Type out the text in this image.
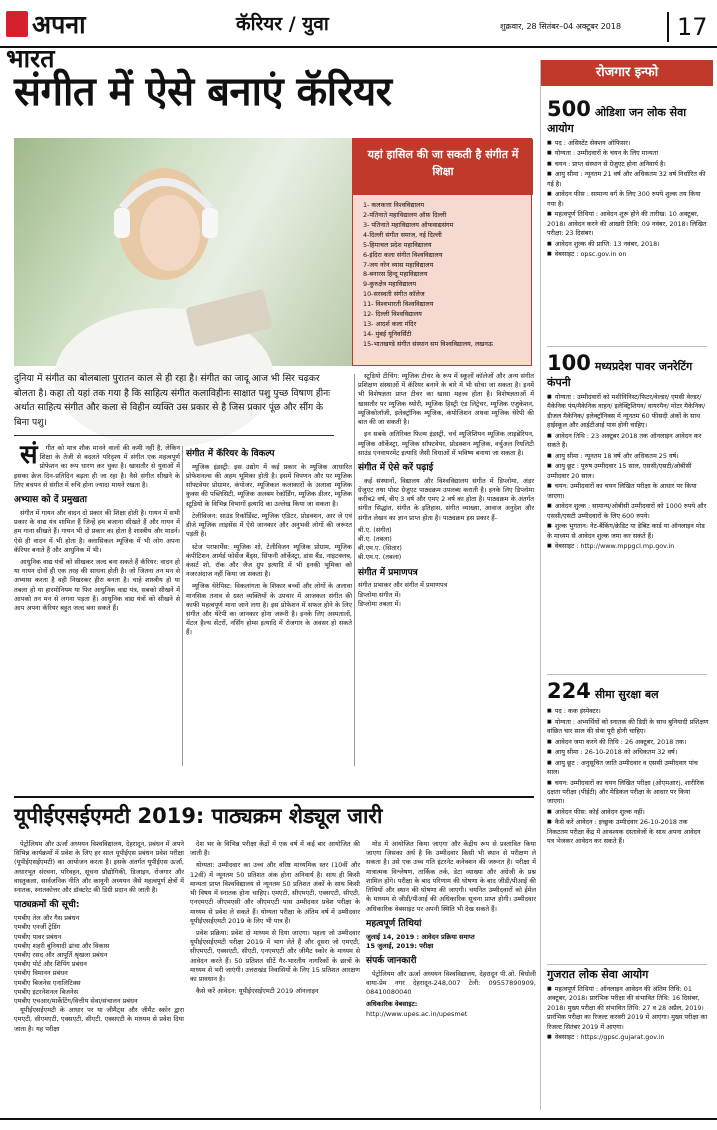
अपना भारत
कॅरियर / युवा	शुक्रवार, 28 सितंबर–04 अक्टूबर 2018	17
संगीत में ऐसे बनाएं कॅरियर
यहां हासिल की जा सकती है संगीत में शिक्षा
1- कलकत्ता विश्वविद्यालय
2-पंतिनाते महाविद्यालय ऑफ़ दिल्ली
3- पंतिनाते महाविद्यालय ऑफवाद्यसंगम
4-दिल्ली संगीत समाज, नई दिल्ली
5-हिमाचल प्रदेश महाविद्यालय
6-इंदिरा कला संगीत विश्वविद्यालय
7-जय नरेन व्यास महाविद्यालय
8-बनारस हिन्दू महाविद्यालय
9-कुरुक्षेत्र महाविद्यालय
10-सरस्वती संगीत कॉलेज
11- विश्वभारती विश्वविद्यालय
12- दिल्ली विश्वविद्यालय
13- आदर्श कला मंदिर
14- मुंबई यूनिवर्सिटी
15-भातखण्डे संगीत संस्थान सम विश्वविद्यालय, लखनऊ
दुनिया में संगीत का बोलबाला पुरातन काल से ही रहा है। संगीत का जादू आज भी सिर चढ़कर बोलता है। कहा तो यहां तक गया है कि साहित्य संगीत कलाविहीनः साक्षात पशु पुच्छ विषाण हीनः अर्थात साहित्य संगीत और कला से विहीन व्यक्ति उस प्रकार से है जिस प्रकार पूंछ और सींग के बिना पशु।

सं गीत को मात्र शौक मानने वालों की कमी नहीं है, लेकिन शिक्षा के तेजी से बदलते परिदृश्य में संगीत एक महत्वपूर्ण प्रोफेशन का रूप धारण कर चुका है। खासतौर से युवाओं में इसका क्रेज दिन-प्रतिदिन बढ़ता ही जा रहा है। वैसे संगीत सीखने के लिए बचपन से संगीत में रुचि होना ज्यादा मायने रखता है।

अभ्यास को दें प्रमुखता

संगीत में गायन और वादन दो प्रकार की शिक्षा होती है। गायन में सभी प्रकार के वाद्य यंत्र शामिल हैं जिन्हें हम बजाना सीखते हैं और गायन में हम गाना सीखते हैं। गायन भी दो प्रकार का होता है शास्त्रीय और माडर्न। ऐसे ही वादन में भी होता है। क्लासिकल म्यूजिक में भी लोग अपना कॅरियर बनाते हैं और आधुनिक में भी।

आधुनिक वाद्य यंत्रों को सीखकर जल्द बना सकते हैं कॅरियर: वादन हो या गायन दोनों ही एक तरह की साधना होती है। जो जितना तन मन से अभ्यास करता है वही निखरकर हीरा बनता है। चाहे शास्त्रीय हो या तबला हो या हारमोनियम या फिर आधुनिक वाद्य यंत्र, सबको सीखने में आपको तन मन से लगना पड़ता है। आधुनिक वाद्य यंत्रों को सीखने से आप अपना कॅरियर बहुत जल्द बना सकते हैं।

संगीत में कॅरियर के विकल्प

म्यूजिक इंडस्ट्री: इस उद्योग में कई प्रकार के म्यूजिक आधारित प्रोफेशनल्स की अहम भूमिका होती है। इसमें विपणन और पर म्यूजिक सॉफ्टवेयर प्रोग्रामर, कंपोजर, म्यूजिकल कलाकारों के अलावा म्यूजिक कुक्स की पब्लिसिटी, म्यूजिक अलबम रेकॉर्डिंग, म्यूजिक डीलर, म्यूजिक स्टूडियो के विभिन्न विभागों इत्यादि का उल्लेख किया जा सकता है।

टेलीविजन: साउंड रिकॉर्डिस्ट, म्यूजिक एडिटर, प्रोडक्शन, आर जे एवं डीजे म्यूजिक लाइसेंस में ऐसे जानकार और अनुभवी लोगों की जरूरत पड़ती है।

स्टेज परफार्मेंस: म्यूजिक शो, टेलीविजन म्यूजिक प्रोग्राम, म्यूजिक कंपीटिशन आर्मर्ड फोर्सेज बैंड्स, सिंफनी ऑर्केस्ट्रा, डांस बैंड, नाइटक्लब, कंसर्ट शो, रॉक और जैज ग्रुप इत्यादि में भी इनकी भूमिका को नजरअंदाज नहीं किया जा सकता है।

म्यूजिक थेरेपिस्ट: विकलांगता के शिकार बच्चों और लोगों के अलावा मानसिक तनाव से ग्रस्त व्यक्तियों के उपचार में आजकल संगीत की काफी महत्वपूर्ण माना जाने लगा है। इस प्रोफेशन में सफल होने के लिए संगीत और थेरेपी का जानकार होना जरूरी है। इनके लिए अस्पतालों, मेंटल हैल्थ सेंटरों, नर्सिंग होम्स इत्यादि में रोजगार के अवसर हो सकते हैं।

स्टूडियो टीचिंग: म्यूजिक टीचर के रूप में स्कूलों कॉलेजों और अन्य संगीत प्रशिक्षण संस्थाओं में कॅरियर बनाने के बारे में भी सोचा जा सकता है। इनमें भी विशेषज्ञता प्राप्त टीचर का खासा महत्त्व होता है। विशेषज्ञताओं में खासतौर पर म्यूजिक थ्योरी, म्यूजिक हिस्ट्री एंड लिट्रेचर, म्यूजिक एजुकेशन, म्यूजिकोलॉजी, इलेक्ट्रॉनिक म्यूजिक, कंपोजिशन अथवा म्यूजिक थेरेपी की बात की जा सकती है।

इन सबके अतिरिक्त फिल्म इंडस्ट्री, चर्च म्यूजिशियन म्यूजिक लाइब्रेरियन, म्यूजिक ऑर्केस्ट्रा, म्यूजिक सॉफ्टवेयर, प्रोडक्शन म्यूजिक, वर्चुअल रियलिटी साउंड एनवायरमेंट इत्यादि जैसी विधाओं में भविष्य बनाया जा सकता है।

संगीत में ऐसे करें पढ़ाई

कई संस्थानों, विद्यालय और विश्वविद्यालय संगीत में डिप्लोमा, अंडर ग्रेजुएट तथा पोस्ट ग्रेजुएट पाठ्यक्रम उपलब्ध कराती है। इनके लिए डिप्लोमा करीब2 वर्ष, बीए 3 वर्ष और एमए 2 वर्ष का होता है। पाठ्यक्रम के अंतर्गत संगीत सिद्धांत, संगीत के इतिहास, संगीत व्याख्या, आवाज अनुदेश और संगीत लेखन का ज्ञान प्राप्त होता है। पाठ्यक्रम इस प्रकार हैं-

बी.ए. (संगीत)
बी.ए. (तबला)
बी.एम.ए. (सितार)
बी.एम.ए. (तबला)
संगीत में प्रमाणपत्र
संगीत प्रभाकर और संगीत में प्रमाणपत्र
डिप्लोमा संगीत में।
डिप्लोमा तबला में।
यूपीईएसईएमटी 2019: पाठ्यक्रम शेड्यूल जारी

पेट्रोलियम और ऊर्जा अध्ययन विश्वविद्यालय, देहरादून, प्रबंधन में अपने विभिन्न कार्यक्रमों में प्रवेश के लिए हर साल यूपीईएस प्रबंधन प्रवेश परीक्षा (यूपीईएसईएमटी) का आयोजन करता है। इसके अंतर्गत यूपीईएस ऊर्जा, अधारभूत संरचना, परिवहन, सूचना प्रौद्योगिकी, डिजाइन, रोजगार और वास्तुकला, सार्वजनिक नीति और कानूनी अध्ययन जैसे महत्वपूर्ण क्षेत्रों में स्नातक, स्नातकोत्तर और डॉक्टरेट की डिग्री प्रदान की जाती है।

पाठ्यक्रमों की सूची:
एमबीए तेल और गैस प्रबंधन
एमबीए एनर्जी ट्रेडिंग
एमबीए पावर प्रबंधन
एमबीए शहरी बुनियादी ढांचा और विकास
एमबीए रसद और आपूर्ति श्रृंखला प्रबंधन
एमबीए पोर्ट और शिपिंग प्रबंधन
एमबीए विमानन प्रबंधन
एमबीए बिजनेस एनालिटिक्स
एमबीए इंटरनेशनल बिजनेस
एमबीए एचआर/मार्केटिंग/वित्तीय सेवा/संचालन प्रबंधन

यूपीईएसईएमटी के आधार पर या जीमैट्स और जीमैट स्कोर द्वारा एमएटी, सीएमएटी, एक्सएटी, सीएटी, एक्सएटी के माध्यम से प्रवेश दिया जाता है। यह परीक्षा

देश भर के विभिन्न परीक्षा केंद्रों में एक वर्ष में कई बार आयोजित की जाती है।

योग्यता: उम्मीदवार का उच्च और वरिष्ठ माध्यमिक स्तर (10वीं और 12वीं) में न्यूनतम 50 प्रतिशत अंक होना अनिवार्य है। साथ ही किसी मान्यता प्राप्त विश्वविद्यालय से न्यूनतम 50 प्रतिशत अंकों के साथ किसी भी विषय में स्नातक होना चाहिए। एमएटी, सीएमएटी, एक्सएटी, सीएटी, एनएमएटी जीएमएसी और जीएमएटी पास उम्मीदवार प्रवेश परीक्षा के माध्यम से प्रवेश ले सकते हैं। योग्यता परीक्षा के अंतिम वर्ष में उम्मीदवार यूपीईएसईएमटी 2019 के लिए भी पात्र हैं।

प्रवेश प्रक्रिया: प्रवेश दो माध्यम से दिया जाएगा। पहला जो उम्मीदवार यूपीईएसईएमटी परीक्षा 2019 में भाग लेते हैं और दूसरा जो एमएटी, सीएमएटी, एक्सएटी, सीएटी, एनएमएटी और जीमैट स्कोर के माध्यम से आवेदन करते हैं। 50 प्रतिशत सीटें गैर-भारतीय नागरिकों के छात्रों के माध्यम से भरी जाएंगी। उत्तराखंड निवासियों के लिए 15 प्रतिशत आरक्षण का प्रावधान है।

कैसे करें आवेदन: यूपीईएसईएमटी 2019 ऑनलाइन

मोड में आयोजित किया जाएगा और केंद्रीय रूप से प्रस्तावित किया जाएगा जिसका अर्थ है कि उम्मीदवार किसी भी स्थान से परीक्षण ले सकता है। उसे एक उच्च गति इंटरनेट कनेक्शन की जरूरत है। परीक्षा में मात्रात्मक विश्लेषण, तार्किक तर्क, डेटा व्याख्या और अंग्रेजी के प्रश्न शामिल होंगे। परीक्षा के बाद परिणाम की घोषणा के बाद जीडी/पीआई की तिथियों और स्थान की घोषणा की जाएगी। चयनित उम्मीदवारों को ईमेल के माध्यम से जीडी/पीआई की अधिकारिक सूचना प्राप्त होगी। उम्मीदवार अधिकारिक वेबसाइट पर अपनी स्थिति भी देख सकते हैं।

महत्वपूर्ण तिथियां
जुलाई 14, 2019 : आवेदन प्रक्रिया समाप्त
15 जुलाई, 2019: परीक्षा
संपर्क जानकारी

पेट्रोलियम और ऊर्जा अध्ययन विश्वविद्यालय, देहरादून पी.ओ. बिधोली वाया-प्रेम नगर देहरादून-248,007 टेली: 09557890909, 08410080040

अधिकारिक वेबसाइट:
http://www.upes.ac.in/upesmet
रोजगार इन्फो
500 ओडिशा जन लोक सेवा आयोग
■ पद : असिस्टेंट सेक्शन ऑफिसर।
■ योग्यता : उम्मीदवारों के चयन के लिए मान्यता
■ चयन : प्राप्त संस्थान से ग्रेजुएट होना अनिवार्य है।
■ आयु सीमा : न्यूनतम 21 वर्ष और अधिकतम 32 वर्ष निर्धारित की गई है।
■ आवेदन फीस : सामान्य वर्ग के लिए 300 रुपये शुल्क तय किया गया है।
■ महत्वपूर्ण तिथियां : आवेदन शुरू होने की तारीख: 10 अक्टूबर, 2018। आवेदन करने की आखरी तिथि: 09 नवंबर, 2018। लिखित परीक्षा: 23 दिसंबर।
■ आवेदन शुल्क की प्राप्ति: 13 नवंबर, 2018।
■ वेबसाइट : opsc.gov.in on
100 मध्यप्रदेश पावर जनरेटिंग कंपनी
■ योग्यता : उम्मीदवारों को मशीनिनिस्ट/फिटर/वेल्डर/ एमसी वेल्डर/ मैकेनिक पंप/मैकेनिक वाहन/ इलेक्ट्रिशियन/ वायरमैन/ मोटर मैकेनिक/ डीजल मैकेनिक/ इलेक्ट्रॉनिक्स में न्यूनतम 60 फीसदी अंकों के साथ हाईस्कूल और आईटीआई पास होनी चाहिए।
■ आवेदन तिथि : 23 अक्टूबर 2018 तक ऑनलाइन आवेदन कर सकते हैं।
■ आयु सीमा : न्यूनतम 18 वर्ष और अधिकतम 25 वर्ष।
■ आयु छूट : पुरुष उम्मीदवार 15 साल, एससी/एसटी/ओबीसी उम्मीदवार 20 साल।
■ चयन: उम्मीदवारों का चयन लिखित परीक्षा के आधार पर किया जाएगा।
■ आवेदन शुल्क : सामान्य/ओबीसी उम्मीदवारों को 1000 रुपये और एससी/एसटी उम्मीदवारों के लिए 600 रुपये।
■ शुल्क भुगतान: नेट-बैंकिंग/क्रेडिट या डेबिट कार्ड या ऑनलाइन मोड के माध्यम से आवेदन शुल्क जमा कर सकते हैं।
■ वेबसाइट : http://www.mppgcl.mp.gov.in
224 सीमा सुरक्षा बल
■ पद : कक इंस्पेक्टर।
■ योग्यता : अभ्यर्थियों को स्नातक की डिग्री के साथ बुनियादी प्रशिक्षण वांछित चार साल की सेवा पूरी होनी चाहिए।
■ आवेदन जमा करने की तिथि : 26 अक्टूबर, 2018 तक।
■ आयु सीमा : 26-10-2018 को अधिकतम 32 वर्ष।
■ आयु छूट : अनुसूचित जाति उम्मीदवार व एससी उम्मीदवार पांच साल।
■ चयन: उम्मीदवारों का चयन लिखित परीक्षा (ओएमआर), शारीरिक दक्षता परीक्षा (पीईटी) और मेडिकल परीक्षा के आधार पर किया जाएगा।
■ आवेदन फीस: कोई आवेदन शुल्क नहीं।
■ कैसे करें आवेदन : इच्छुक उम्मीदवार 26-10-2018 तक निकटतम परीक्षा केंद्र में आवश्यक दस्तावेजों के साथ अपना आवेदन पत्र भेजकर आवेदन कर सकते हैं।
गुजरात लोक सेवा आयोग
■ महत्वपूर्ण तिथियां : ऑनलाइन आवेदन की अंतिम तिथि: 01 अक्टूबर, 2018। प्रारंभिक परीक्षा की संभावित तिथि: 16 दिसंबर, 2018। मुख्य परीक्षा की संभावित तिथि: 27 व 28 अप्रैल, 2019। प्रारंभिक परीक्षा का रिजल्ट करवरी 2019 में आएगा। मुख्य परीक्षा का रिजल्ट सितंबर 2019 में आएगा।
■ वेबसाइट : https://gpsc.gujarat.gov.in
